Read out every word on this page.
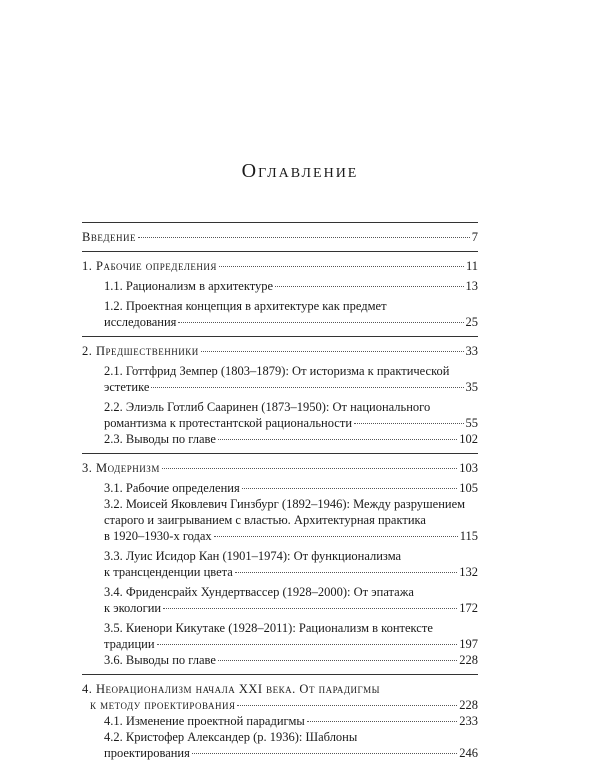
Оглавление
Введение	7
1. Рабочие определения	11
1.1. Рационализм в архитектуре	13
1.2. Проектная концепция в архитектуре как предмет
исследования	25
2. Предшественники	33
2.1. Готтфрид Земпер (1803–1879): От историзма к практической
эстетике	35
2.2. Элиэль Готлиб Сааринен (1873–1950): От национального
романтизма к протестантской рациональности	55
2.3. Выводы по главе	102
3. Модернизм	103
3.1. Рабочие определения	105
3.2. Моисей Яковлевич Гинзбург (1892–1946): Между разрушением
старого и заигрыванием с властью. Архитектурная практика
в 1920–1930-х годах	115
3.3. Луис Исидор Кан (1901–1974): От функционализма
к трансценденции цвета	132
3.4. Фриденсрайх Хундертвассер (1928–2000): От эпатажа
к экологии	172
3.5. Киенори Кикутаке (1928–2011): Рационализм в контексте
традиции	197
3.6. Выводы по главе	228
4. Неорационализм начала XXI века. От парадигмы
к методу проектирования	228
4.1. Изменение проектной парадигмы	233
4.2. Кристофер Александер (р. 1936): Шаблоны
проектирования	246
